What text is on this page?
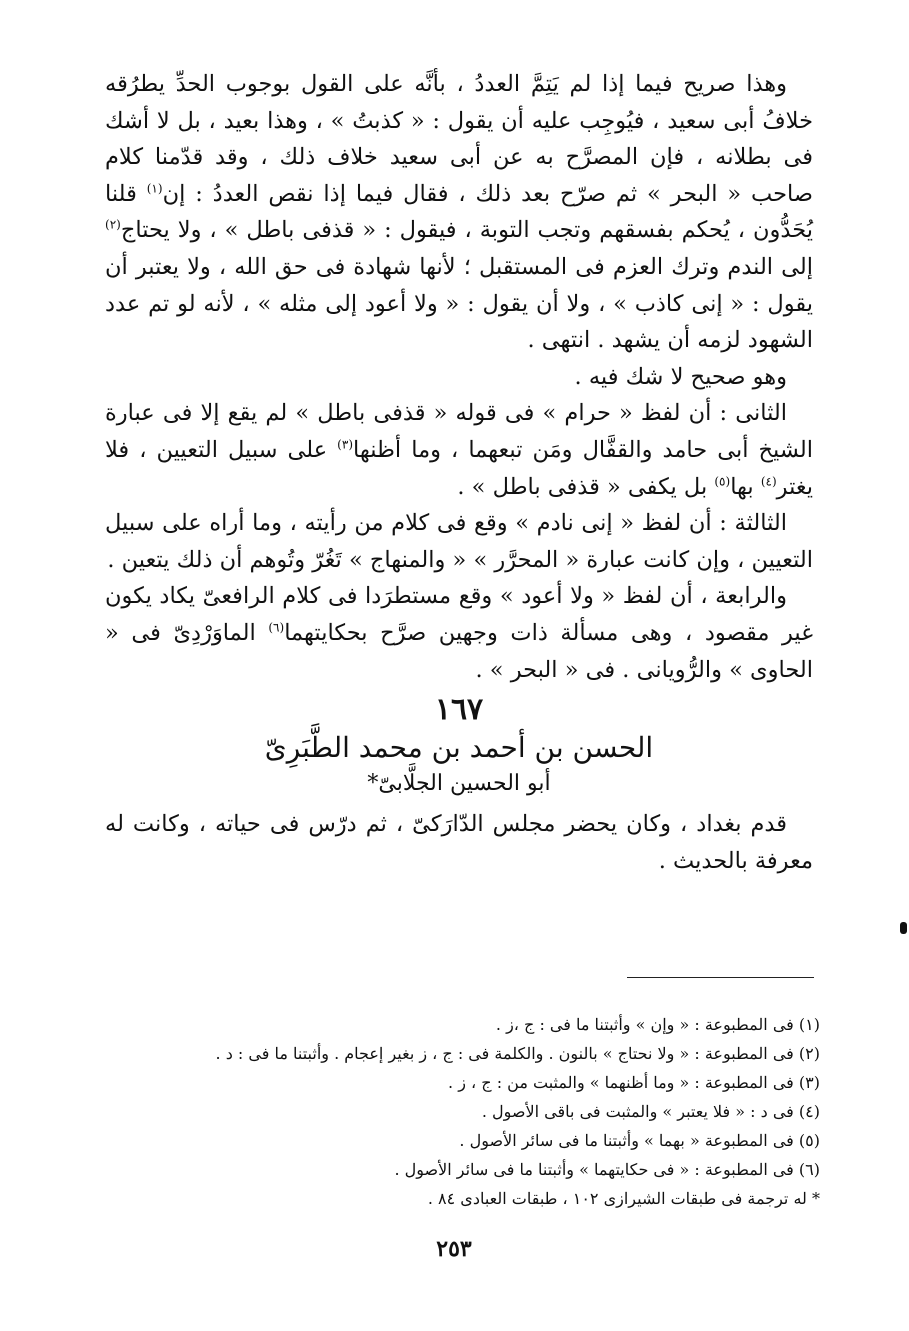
وهذا صريح فيما إذا لم يَتِمَّ العددُ ، بأنَّه على القول بوجوب الحدِّ يطرُقه خلافُ أبى سعيد ، فيُوجِب عليه أن يقول : « كذبتُ » ، وهذا بعيد ، بل لا أشك فى بطلانه ، فإن المصرَّح به عن أبى سعيد خلاف ذلك ، وقد قدّمنا كلام صاحب « البحر » ثم صرّح بعد ذلك ، فقال فيما إذا نقص العددُ : إن$^{(١)}$ قلنا يُحَدُّون ، يُحكم بفسقهم وتجب التوبة ، فيقول : « قذفى باطل » ، ولا يحتاج$^{(٢)}$ إلى الندم وترك العزم فى المستقبل ؛ لأنها شهادة فى حق الله ، ولا يعتبر أن يقول : « إنى كاذب » ، ولا أن يقول : « ولا أعود إلى مثله » ، لأنه لو تم عدد الشهود لزمه أن يشهد . انتهى .

وهو صحيح لا شك فيه .

الثانى : أن لفظ « حرام » فى قوله « قذفى باطل » لم يقع إلا فى عبارة الشيخ أبى حامد والقفَّال ومَن تبعهما ، وما أظنها$^{(٣)}$ على سبيل التعيين ، فلا يغتر$^{(٤)}$ بها$^{(٥)}$ بل يكفى « قذفى باطل » .

الثالثة : أن لفظ « إنى نادم » وقع فى كلام من رأيته ، وما أراه على سبيل التعيين ، وإن كانت عبارة « المحرَّر » « والمنهاج » تَغُرّ وتُوهم أن ذلك يتعين .

والرابعة ، أن لفظ « ولا أعود » وقع مستطرَدا فى كلام الرافعىّ يكاد يكون غير مقصود ، وهى مسألة ذات وجهين صرَّح بحكايتهما$^{(٦)}$ الماوَرْدِىّ فى « الحاوى » والرُّويانى . فى « البحر » .

١٦٧
الحسن بن أحمد بن محمد الطَّبَرِىّ
أبو الحسين الجلَّابىّ*

قدم بغداد ، وكان يحضر مجلس الدّارَكىّ ، ثم درّس فى حياته ، وكانت له معرفة بالحديث .

(١) فى المطبوعة : « وإن » وأثبتنا ما فى : ج ،ز .

(٢) فى المطبوعة : « ولا نحتاج » بالنون . والكلمة فى : ج ، ز بغير إعجام . وأثبتنا ما فى : د .

(٣) فى المطبوعة : « وما أظنهما » والمثبت من : ج ، ز .

(٤) فى د : « فلا يعتبر » والمثبت فى باقى الأصول .

(٥) فى المطبوعة « بهما » وأثبتنا ما فى سائر الأصول .

(٦) فى المطبوعة : « فى حكايتهما » وأثبتنا ما فى سائر الأصول .

* له ترجمة فى طبقات الشيرازى ١٠٢ ، طبقات العبادى ٨٤ .

٢٥٣
